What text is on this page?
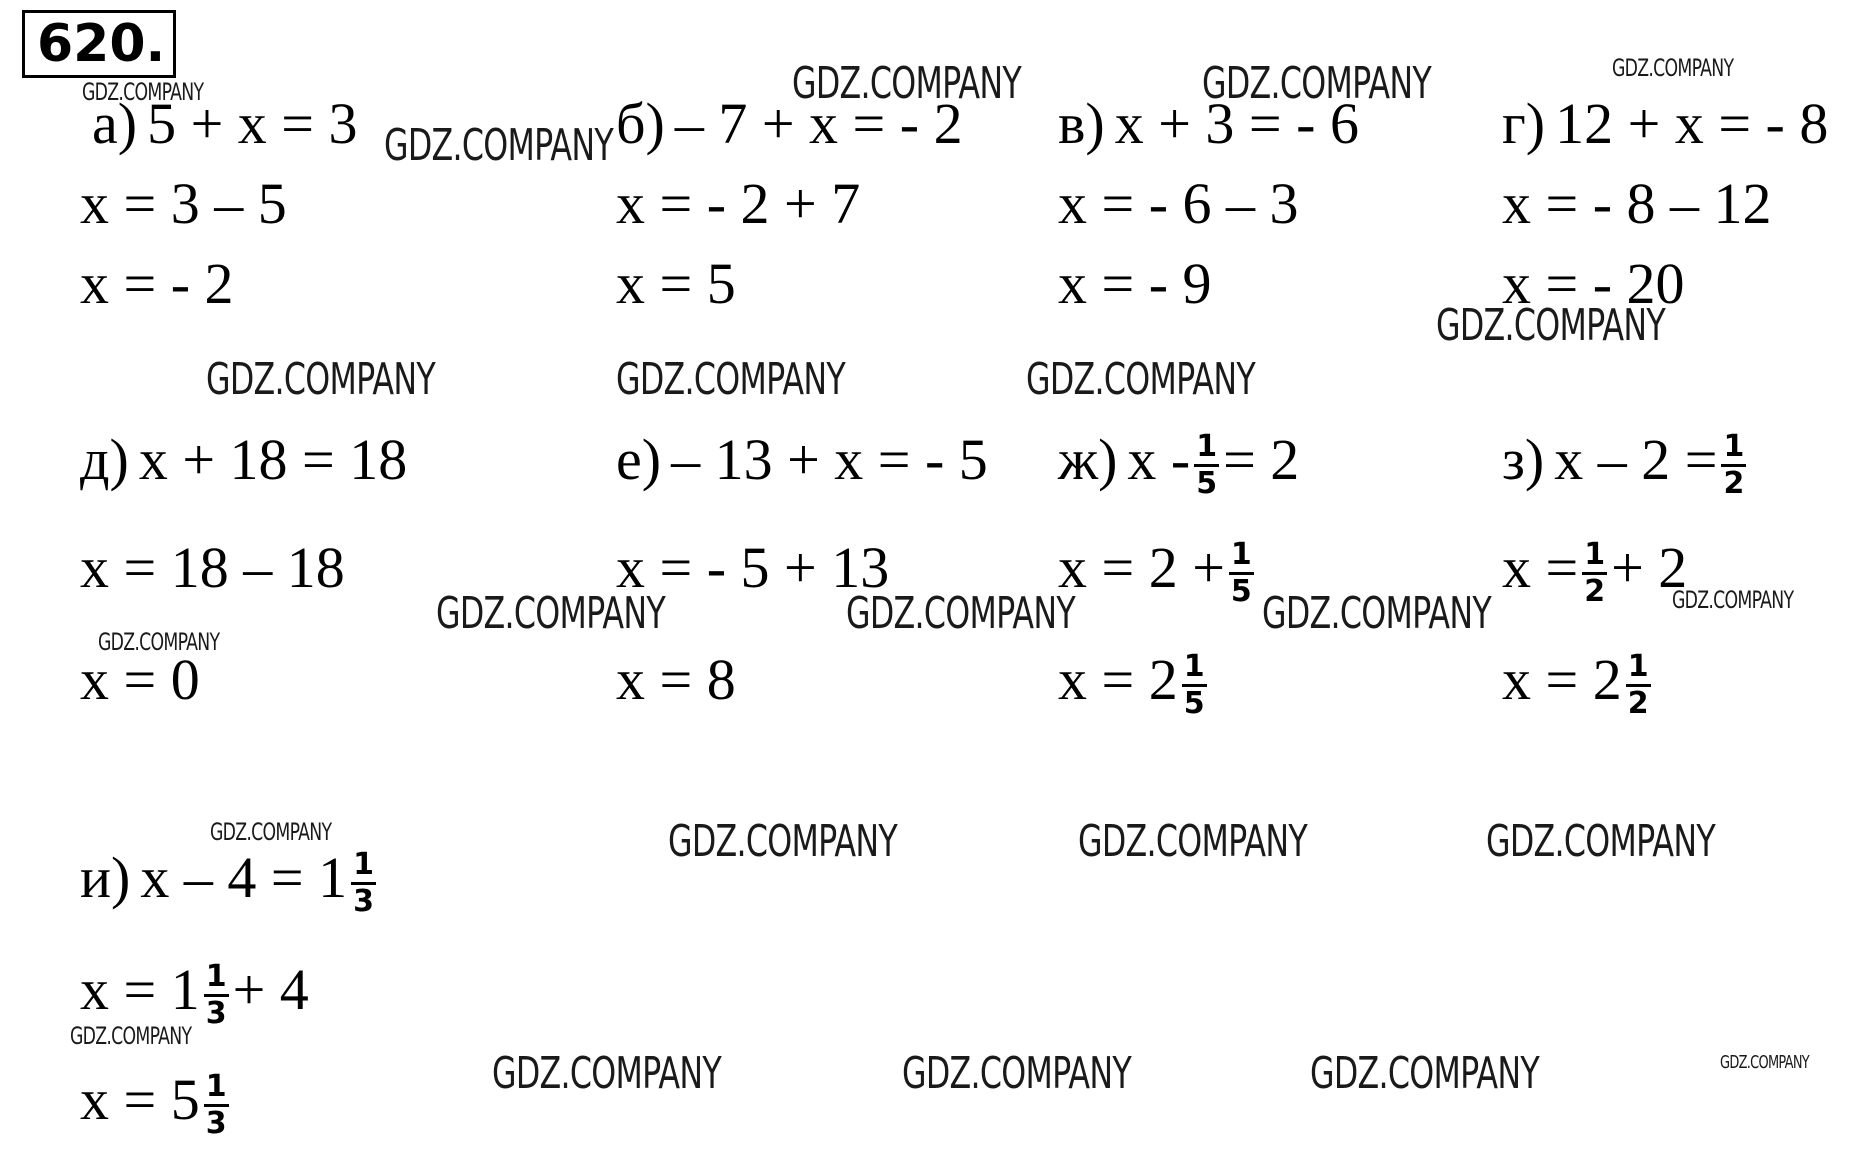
620.
а) 5 + x = 3
x = 3 – 5
x = - 2
б) – 7 + x = - 2
x = - 2 + 7
x = 5
в) x + 3 = - 6
x = - 6 – 3
x = - 9
г) 12 + x = - 8
x = - 8 – 12
x = - 20
д) x + 18 = 18
x = 18 – 18
x = 0
е) – 13 + x = - 5
x = - 5 + 13
x = 8
ж) $x - \frac{1}{5} = 2$
$x = 2 + \frac{1}{5}$
$x = 2 \frac{1}{5}$
з) $x - 2 = \frac{1}{2}$
$x = \frac{1}{2} + 2$
$x = 2 \frac{1}{2}$
и) $x - 4 = 1 \frac{1}{3}$
$x = 1 \frac{1}{3} + 4$
$x = 5 \frac{1}{3}$
GDZ.COMPANY
GDZ.COMPANY
GDZ.COMPANY	GDZ.COMPANY	GDZ.COMPANY
GDZ.COMPANY
GDZ.COMPANY	GDZ.COMPANY	GDZ.COMPANY
GDZ.COMPANY	GDZ.COMPANY	GDZ.COMPANY	GDZ.COMPANY
GDZ.COMPANY
GDZ.COMPANY	GDZ.COMPANY	GDZ.COMPANY	GDZ.COMPANY
GDZ.COMPANY
GDZ.COMPANY	GDZ.COMPANY	GDZ.COMPANY	GDZ.COMPANY
